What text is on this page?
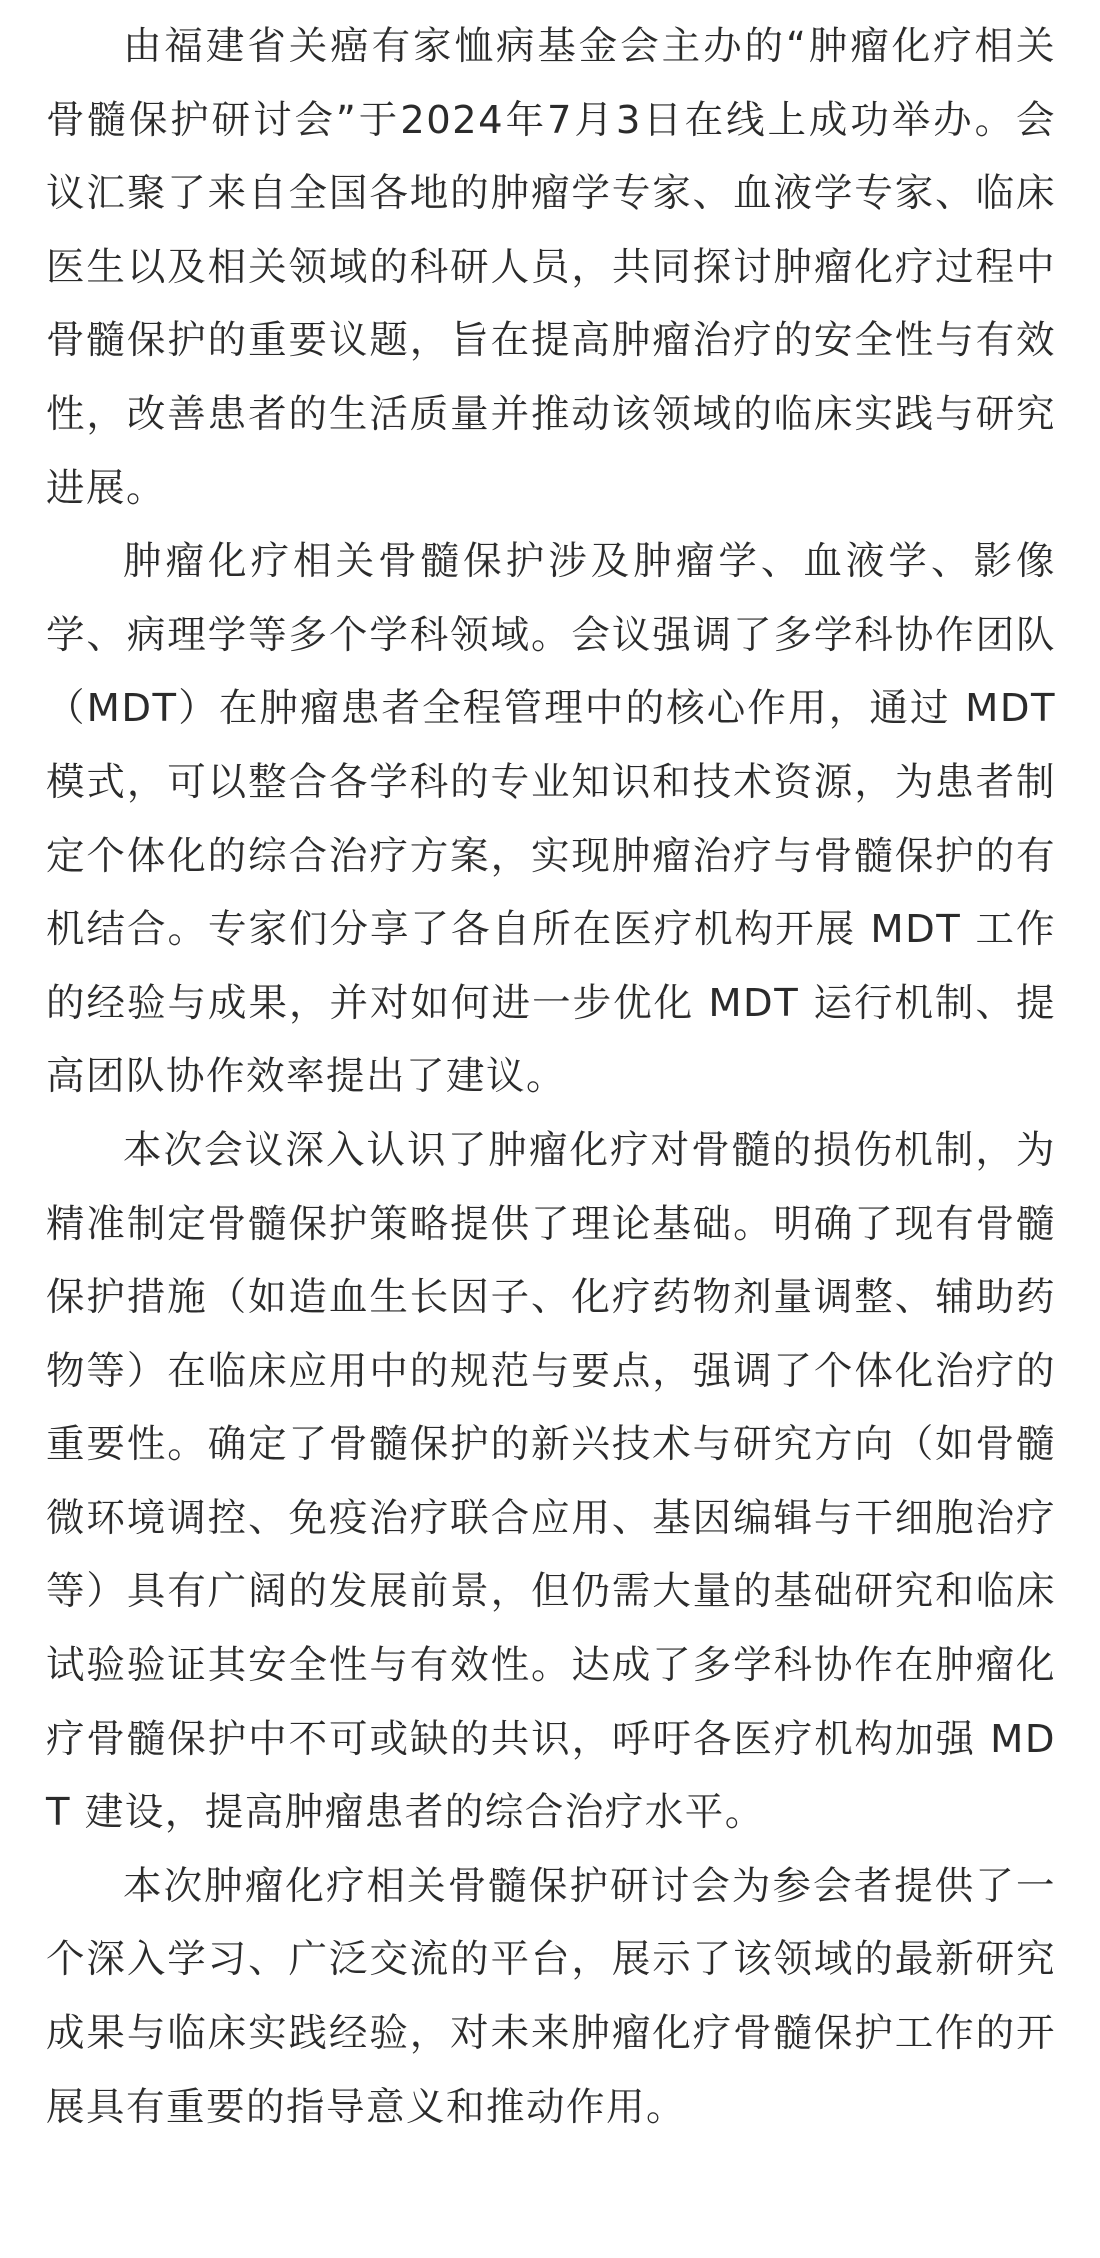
由福建省关癌有家恤病基金会主办的“肿瘤化疗相关骨髓保护研讨会”于2024年7月3日在线上成功举办。会议汇聚了来自全国各地的肿瘤学专家、血液学专家、临床医生以及相关领域的科研人员，共同探讨肿瘤化疗过程中骨髓保护的重要议题，旨在提高肿瘤治疗的安全性与有效性，改善患者的生活质量并推动该领域的临床实践与研究进展。

肿瘤化疗相关骨髓保护涉及肿瘤学、血液学、影像学、病理学等多个学科领域。会议强调了多学科协作团队（MDT）在肿瘤患者全程管理中的核心作用，通过 MDT 模式，可以整合各学科的专业知识和技术资源，为患者制定个体化的综合治疗方案，实现肿瘤治疗与骨髓保护的有机结合。专家们分享了各自所在医疗机构开展 MDT 工作的经验与成果，并对如何进一步优化 MDT 运行机制、提高团队协作效率提出了建议。

本次会议深入认识了肿瘤化疗对骨髓的损伤机制，为精准制定骨髓保护策略提供了理论基础。明确了现有骨髓保护措施（如造血生长因子、化疗药物剂量调整、辅助药物等）在临床应用中的规范与要点，强调了个体化治疗的重要性。确定了骨髓保护的新兴技术与研究方向（如骨髓微环境调控、免疫治疗联合应用、基因编辑与干细胞治疗等）具有广阔的发展前景，但仍需大量的基础研究和临床试验验证其安全性与有效性。达成了多学科协作在肿瘤化疗骨髓保护中不可或缺的共识，呼吁各医疗机构加强 MDT 建设，提高肿瘤患者的综合治疗水平。

本次肿瘤化疗相关骨髓保护研讨会为参会者提供了一个深入学习、广泛交流的平台，展示了该领域的最新研究成果与临床实践经验，对未来肿瘤化疗骨髓保护工作的开展具有重要的指导意义和推动作用。
